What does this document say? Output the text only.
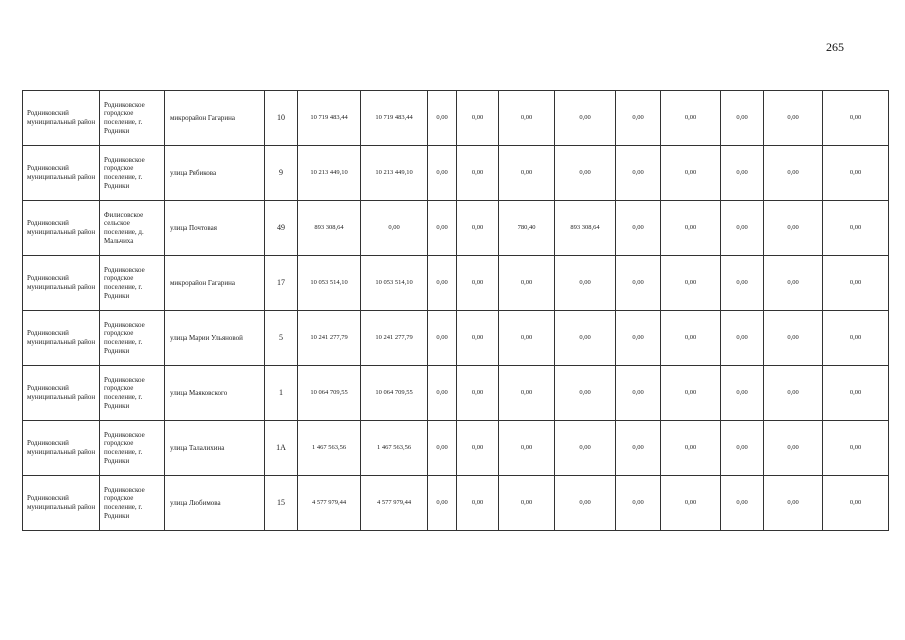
265
Родниковский муниципальный район	Родниковское городское поселение, г. Родники	микрорайон Гагарина	10	10 719 483,44	10 719 483,44	0,00	0,00	0,00	0,00	0,00	0,00	0,00	0,00	0,00
Родниковский муниципальный район	Родниковское городское поселение, г. Родники	улица Рябикова	9	10 213 449,10	10 213 449,10	0,00	0,00	0,00	0,00	0,00	0,00	0,00	0,00	0,00
Родниковский муниципальный район	Филисовское сельское поселение, д. Мальчиха	улица Почтовая	49	893 308,64	0,00	0,00	0,00	780,40	893 308,64	0,00	0,00	0,00	0,00	0,00
Родниковский муниципальный район	Родниковское городское поселение, г. Родники	микрорайон Гагарина	17	10 053 514,10	10 053 514,10	0,00	0,00	0,00	0,00	0,00	0,00	0,00	0,00	0,00
Родниковский муниципальный район	Родниковское городское поселение, г. Родники	улица Марии Ульяновой	5	10 241 277,79	10 241 277,79	0,00	0,00	0,00	0,00	0,00	0,00	0,00	0,00	0,00
Родниковский муниципальный район	Родниковское городское поселение, г. Родники	улица Маяковского	1	10 064 709,55	10 064 709,55	0,00	0,00	0,00	0,00	0,00	0,00	0,00	0,00	0,00
Родниковский муниципальный район	Родниковское городское поселение, г. Родники	улица Талалихина	1А	1 467 563,56	1 467 563,56	0,00	0,00	0,00	0,00	0,00	0,00	0,00	0,00	0,00
Родниковский муниципальный район	Родниковское городское поселение, г. Родники	улица Любимова	15	4 577 979,44	4 577 979,44	0,00	0,00	0,00	0,00	0,00	0,00	0,00	0,00	0,00
